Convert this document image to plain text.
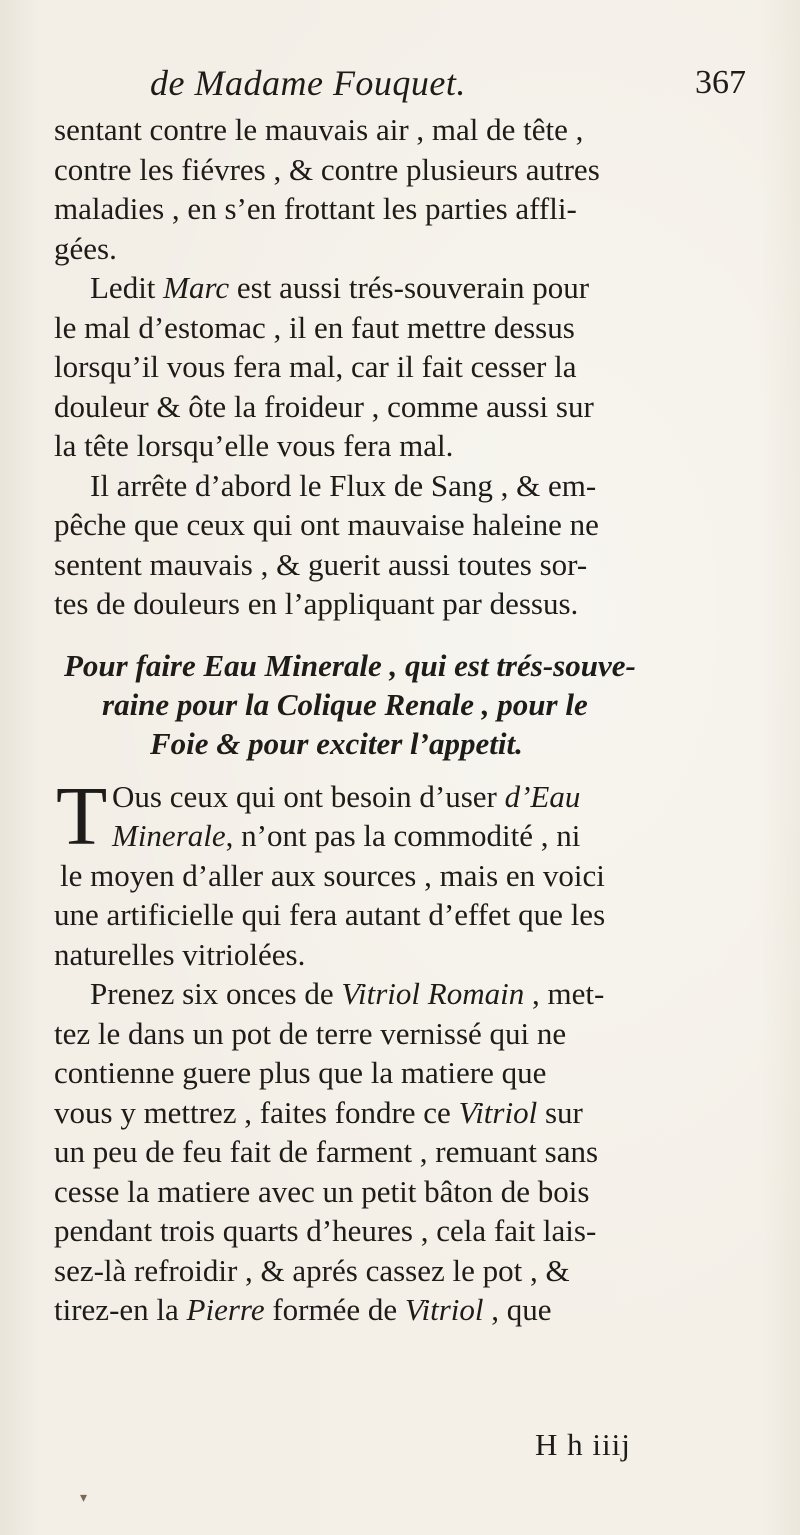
de Madame Fouquet.	367
sentant contre le mauvais air , mal de tête ,
contre les fiévres , & contre plusieurs autres
maladies , en s’en frottant les parties affli-
gées.
Ledit Marc est aussi trés-souverain pour
le mal d’estomac , il en faut mettre dessus
lorsqu’il vous fera mal, car il fait cesser la
douleur & ôte la froideur , comme aussi sur
la tête lorsqu’elle vous fera mal.
Il arrête d’abord le Flux de Sang , & em-
pêche que ceux qui ont mauvaise haleine ne
sentent mauvais , & guerit aussi toutes sor-
tes de douleurs en l’appliquant par dessus.
Pour faire Eau Minerale , qui est trés-souve-
raine pour la Colique Renale , pour le
Foie & pour exciter l’appetit.
T Ous ceux qui ont besoin d’user d’Eau
Minerale, n’ont pas la commodité , ni
le moyen d’aller aux sources , mais en voici
une artificielle qui fera autant d’effet que les
naturelles vitriolées.
Prenez six onces de Vitriol Romain , met-
tez le dans un pot de terre vernissé qui ne
contienne guere plus que la matiere que
vous y mettrez , faites fondre ce Vitriol sur
un peu de feu fait de farment , remuant sans
cesse la matiere avec un petit bâton de bois
pendant trois quarts d’heures , cela fait lais-
sez-là refroidir , & aprés cassez le pot , &
tirez-en la Pierre formée de Vitriol , que
H h iiij
▾
